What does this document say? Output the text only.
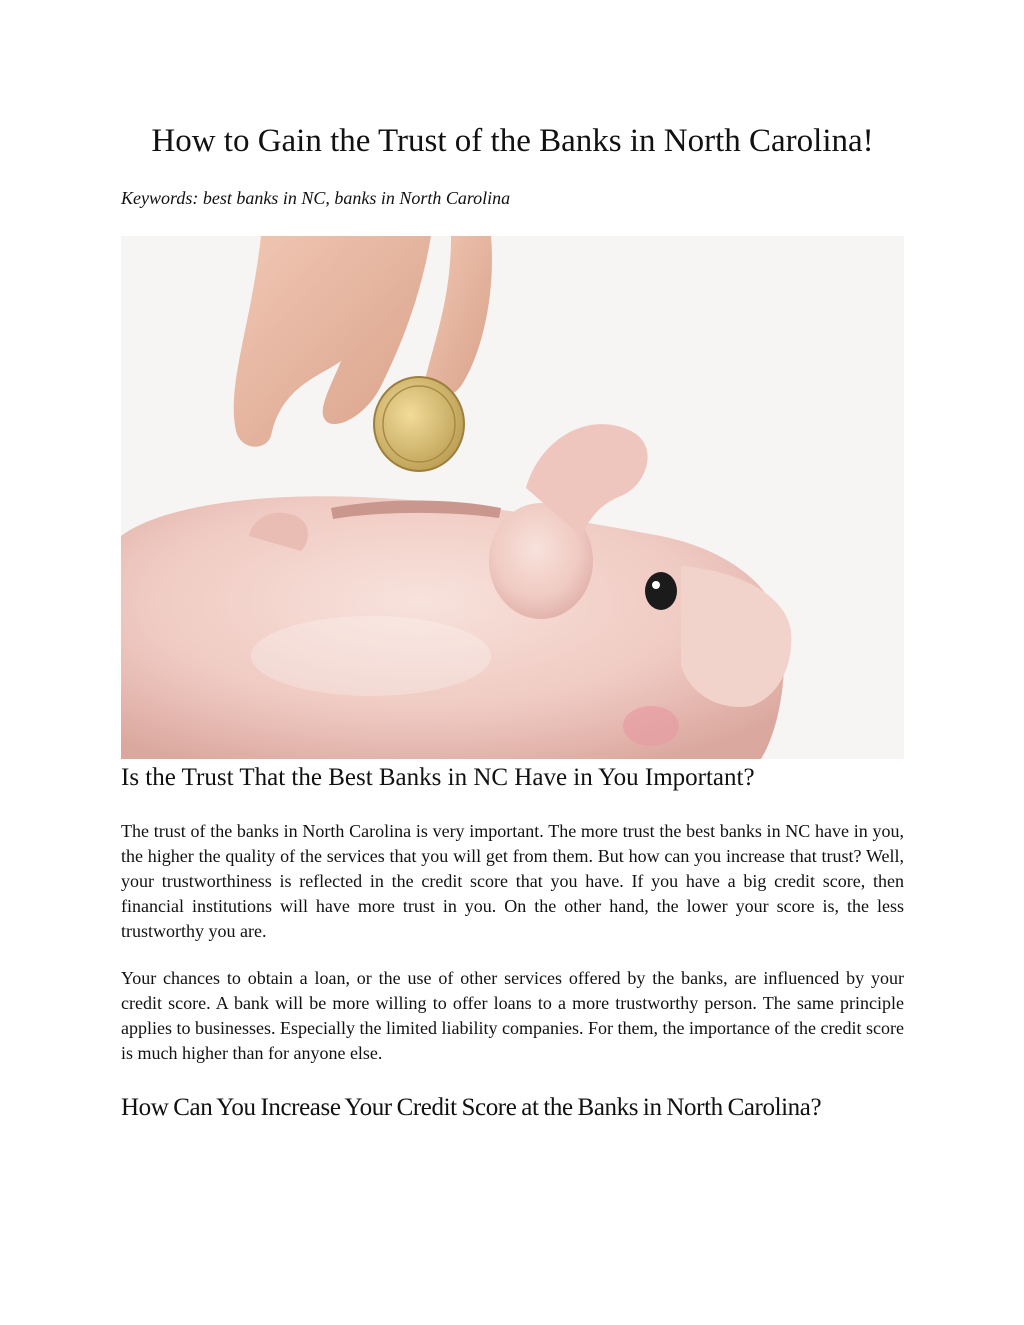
How to Gain the Trust of the Banks in North Carolina!

Keywords: best banks in NC, banks in North Carolina

Is the Trust That the Best Banks in NC Have in You Important?

The trust of the banks in North Carolina is very important. The more trust the best banks in NC have in you, the higher the quality of the services that you will get from them. But how can you increase that trust? Well, your trustworthiness is reflected in the credit score that you have. If you have a big credit score, then financial institutions will have more trust in you. On the other hand, the lower your score is, the less trustworthy you are.

Your chances to obtain a loan, or the use of other services offered by the banks, are influenced by your credit score. A bank will be more willing to offer loans to a more trustworthy person. The same principle applies to businesses. Especially the limited liability companies. For them, the importance of the credit score is much higher than for anyone else.

How Can You Increase Your Credit Score at the Banks in North Carolina?
